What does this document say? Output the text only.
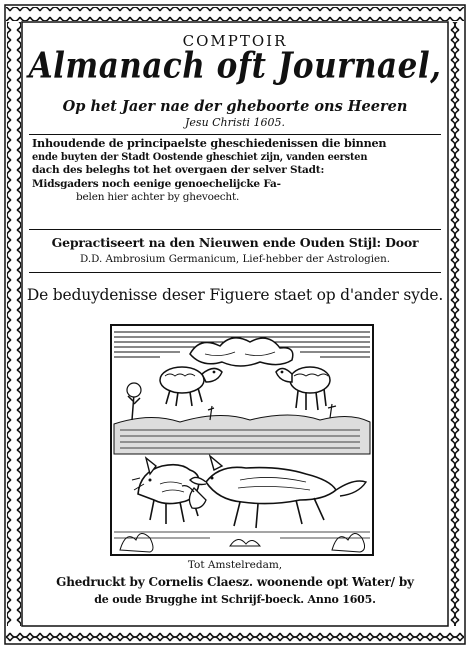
COMPTOIR
Almanach oft Journael,
Op het Jaer nae der gheboorte ons Heeren
Jesu Christi 1605.
Inhoudende de principaelste gheschiedenissen die binnen
ende buyten der Stadt Oostende gheschiet zijn, vanden eersten
dach des beleghs tot het overgaen der selver Stadt:
Midsgaders noch eenige genoechelijcke Fa-
belen hier achter by ghevoecht.
Gepractiseert na den Nieuwen ende Ouden Stijl: Door
D.D. Ambrosium Germanicum, Lief-hebber der Astrologien.
De beduydenisse deser Figuere staet op d'ander syde.
Tot Amstelredam,
Ghedruckt by Cornelis Claesz. woonende opt Water/ by
de oude Brugghe int Schrijf-boeck. Anno 1605.
